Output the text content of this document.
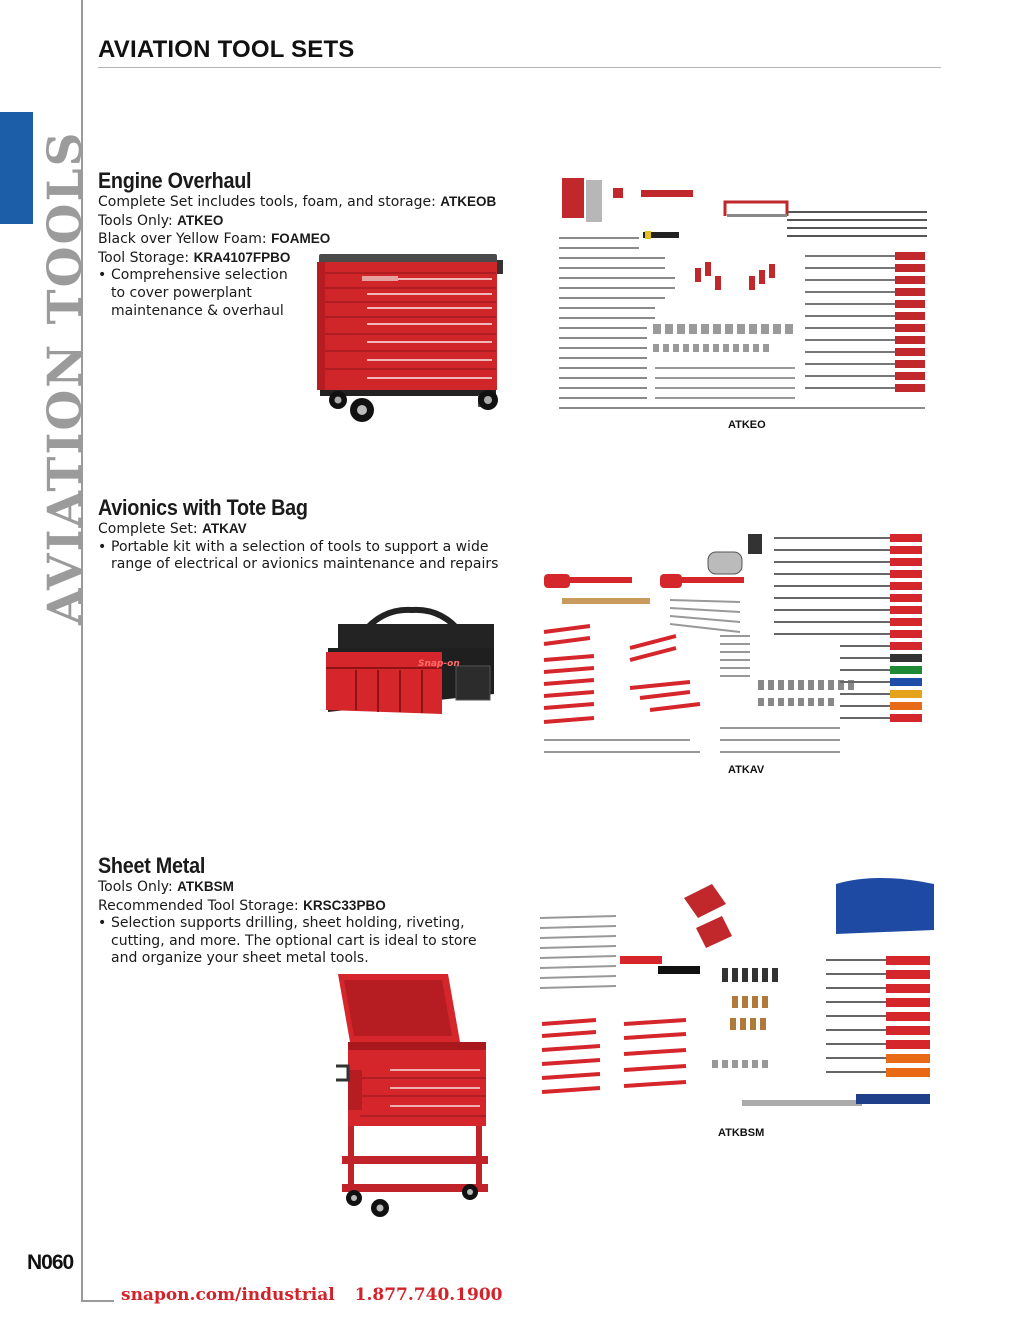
AVIATION TOOLS
N060
snapon.com/industrial 1.877.740.1900
AVIATION TOOL SETS
Engine Overhaul
Complete Set includes tools, foam, and storage: ATKEOB
Tools Only: ATKEO
Black over Yellow Foam: FOAMEO
Tool Storage: KRA4107FPBO
• Comprehensive selection
to cover powerplant
maintenance & overhaul
ATKEO
Avionics with Tote Bag
Complete Set: ATKAV
• Portable kit with a selection of tools to support a wide
range of electrical or avionics maintenance and repairs
Snap-on
ATKAV
Sheet Metal
Tools Only: ATKBSM
Recommended Tool Storage: KRSC33PBO
• Selection supports drilling, sheet holding, riveting,
cutting, and more. The optional cart is ideal to store
and organize your sheet metal tools.
ATKBSM
